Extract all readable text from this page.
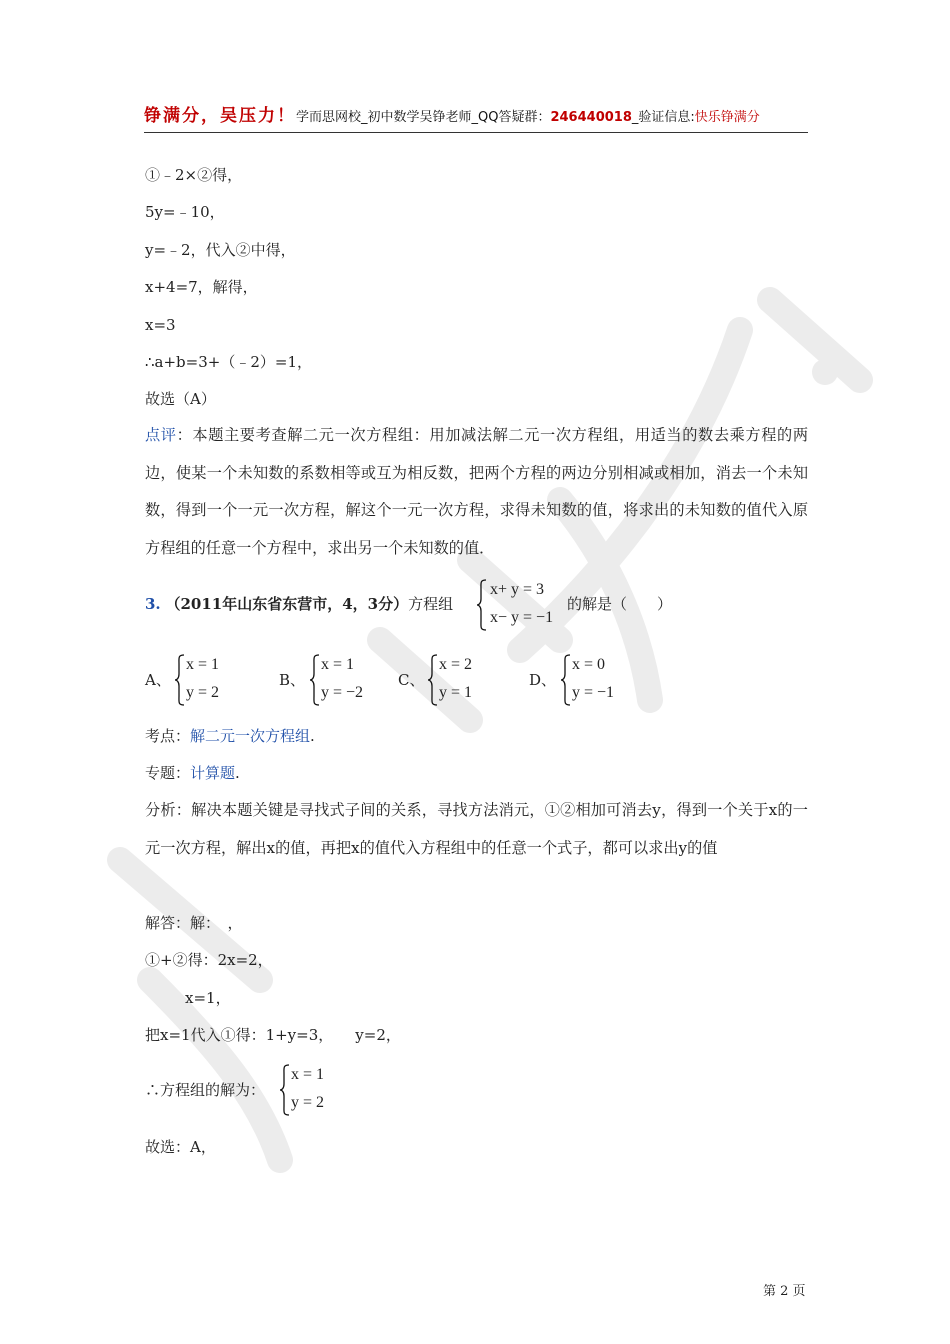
铮满分，吴压力！学而思网校_初中数学吴铮老师_QQ答疑群：246440018_验证信息:快乐铮满分
①﹣2×②得，
5y=﹣10，
y=﹣2，代入②中得，
x+4=7，解得，
x=3
∴a+b=3+（﹣2）=1，
故选（A）
点评：本题主要考查解二元一次方程组：用加减法解二元一次方程组，用适当的数去乘方程的两边，使某一个未知数的系数相等或互为相反数，把两个方程的两边分别相减或相加，消去一个未知数，得到一个一元一次方程，解这个一元一次方程，求得未知数的值，将求出的未知数的值代入原方程组的任意一个方程中，求出另一个未知数的值．
3. （2011年山东省东营市，4，3分）方程组
x+ y = 3
x− y = −1
的解是（　　）
A、
x = 1
y = 2
B、
x = 1
y = −2
C、
x = 2
y = 1
D、
x = 0
y = −1
考点：解二元一次方程组.
专题：计算题.
分析：解决本题关键是寻找式子间的关系，寻找方法消元，①②相加可消去y，得到一个关于x的一元一次方程，解出x的值，再把x的值代入方程组中的任意一个式子，都可以求出y的值
解答：解：　，
①+②得：2x=2，
x=1，
把x=1代入①得：1+y=3， y=2，
∴方程组的解为：
x = 1
y = 2
故选：A，
第 2 页
